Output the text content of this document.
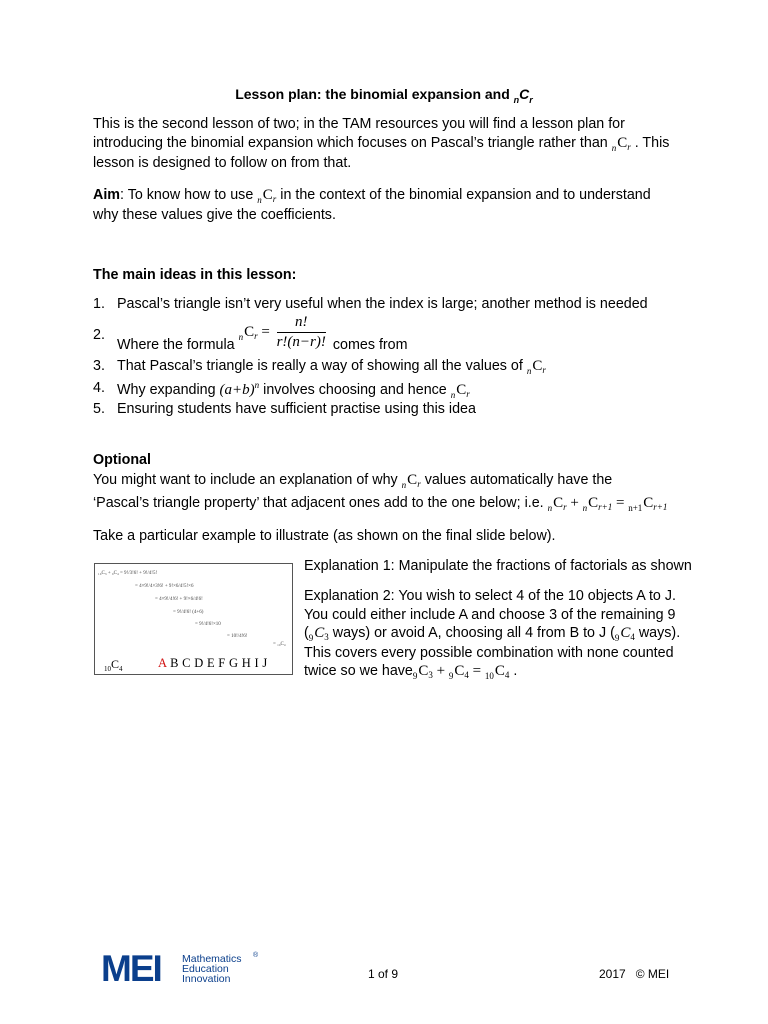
Lesson plan: the binomial expansion and $_nC_r$
This is the second lesson of two; in the TAM resources you will find a lesson plan for
introducing the binomial expansion which focuses on Pascal’s triangle rather than $_nC_r$ . This
lesson is designed to follow on from that.
Aim: To know how to use $_nC_r$ in the context of the binomial expansion and to understand
why these values give the coefficients.
The main ideas in this lesson:
1. Pascal’s triangle isn’t very useful when the index is large; another method is needed
2.
Where the formula $_nC_r = \frac{n!}{r!(n-r)!}$ comes from
3. That Pascal’s triangle is really a way of showing all the values of $_nC_r$
4. Why expanding $(a+b)^n$ involves choosing and hence $_nC_r$
5. Ensuring students have sufficient practise using this idea
Optional
You might want to include an explanation of why $_nC_r$ values automatically have the
‘Pascal’s triangle property’ that adjacent ones add to the one below; i.e. $_nC_r + _nC_{r+1} = _{n+1}C_{r+1}$
Take a particular example to illustrate (as shown on the final slide below).
₁₀C₃ + ₉C₄ = 9!/3!6! + 9!/4!5!
= 4×9!/4×3!6! + 9!×6/4!5!×6
= 4×9!/4!6! + 9!×6/4!6!
= 9!/4!6! (4+6)
= 9!/4!6!×10
= 10!/4!6!
= ₁₀C₄
$_{10}C_4$	A B C D E F G H I J
Explanation 1: Manipulate the fractions of factorials as shown
Explanation 2: You wish to select 4 of the 10 objects A to J.
You could either include A and choose 3 of the remaining 9
($_9C_3$ ways) or avoid A, choosing all 4 from B to J ($_9C_4$ ways).
This covers every possible combination with none counted
twice so we $have_9C_3 + _9C_4 = _{10}C_4$ .
MEI Mathematics
Education
Innovation
®
1 of 9	2017   © MEI
